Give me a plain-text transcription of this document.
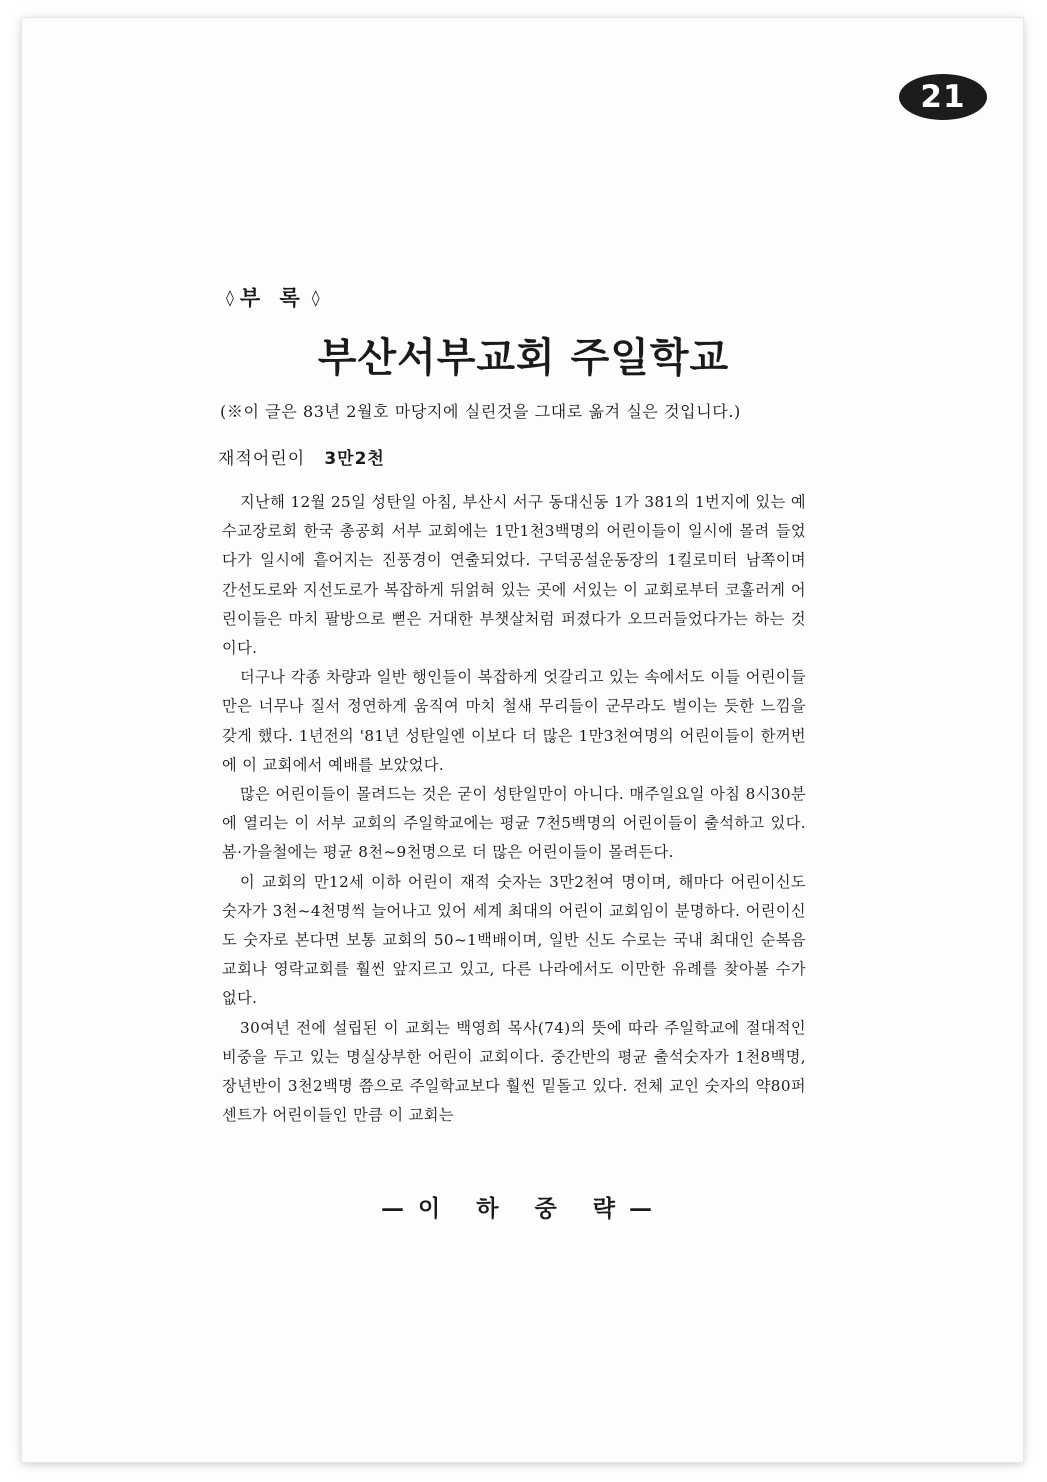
21
◊ 부 록 ◊
부산서부교회 주일학교
(※이 글은 83년 2월호 마당지에 실린것을 그대로 옮겨 실은 것입니다.)
재적어린이 3만2천

지난해 12월 25일 성탄일 아침, 부산시 서구 동대신동 1가 381의 1번지에 있는 예수교장로회 한국 총공회 서부 교회에는 1만1천3백명의 어린이들이 일시에 몰려 들었다가 일시에 흩어지는 진풍경이 연출되었다. 구덕공설운동장의 1킬로미터 남쪽이며 간선도로와 지선도로가 복잡하게 뒤얽혀 있는 곳에 서있는 이 교회로부터 코훌러게 어린이들은 마치 팔방으로 뻗은 거대한 부챗살처럼 퍼졌다가 오므러들었다가는 하는 것이다.

더구나 각종 차량과 일반 행인들이 복잡하게 엇갈리고 있는 속에서도 이들 어린이들만은 너무나 질서 정연하게 움직여 마치 철새 무리들이 군무라도 벌이는 듯한 느낌을 갖게 했다. 1년전의 '81년 성탄일엔 이보다 더 많은 1만3천여명의 어린이들이 한꺼번에 이 교회에서 예배를 보았었다.

많은 어린이들이 몰려드는 것은 굳이 성탄일만이 아니다. 매주일요일 아침 8시30분에 열리는 이 서부 교회의 주일학교에는 평균 7천5백명의 어린이들이 출석하고 있다. 봄·가을철에는 평균 8천~9천명으로 더 많은 어린이들이 몰려든다.

이 교회의 만12세 이하 어린이 재적 숫자는 3만2천여 명이며, 해마다 어린이신도 숫자가 3천~4천명씩 늘어나고 있어 세계 최대의 어린이 교회임이 분명하다. 어린이신도 숫자로 본다면 보통 교회의 50~1백배이며, 일반 신도 수로는 국내 최대인 순복음교회나 영락교회를 훨씬 앞지르고 있고, 다른 나라에서도 이만한 유례를 찾아볼 수가 없다.

30여년 전에 설립된 이 교회는 백영희 목사(74)의 뜻에 따라 주일학교에 절대적인 비중을 두고 있는 명실상부한 어린이 교회이다. 중간반의 평균 출석숫자가 1천8백명, 장년반이 3천2백명 쯤으로 주일학교보다 훨씬 밑돌고 있다. 전체 교인 숫자의 약80퍼센트가 어린이들인 만큼 이 교회는

—이 하 중 략—
